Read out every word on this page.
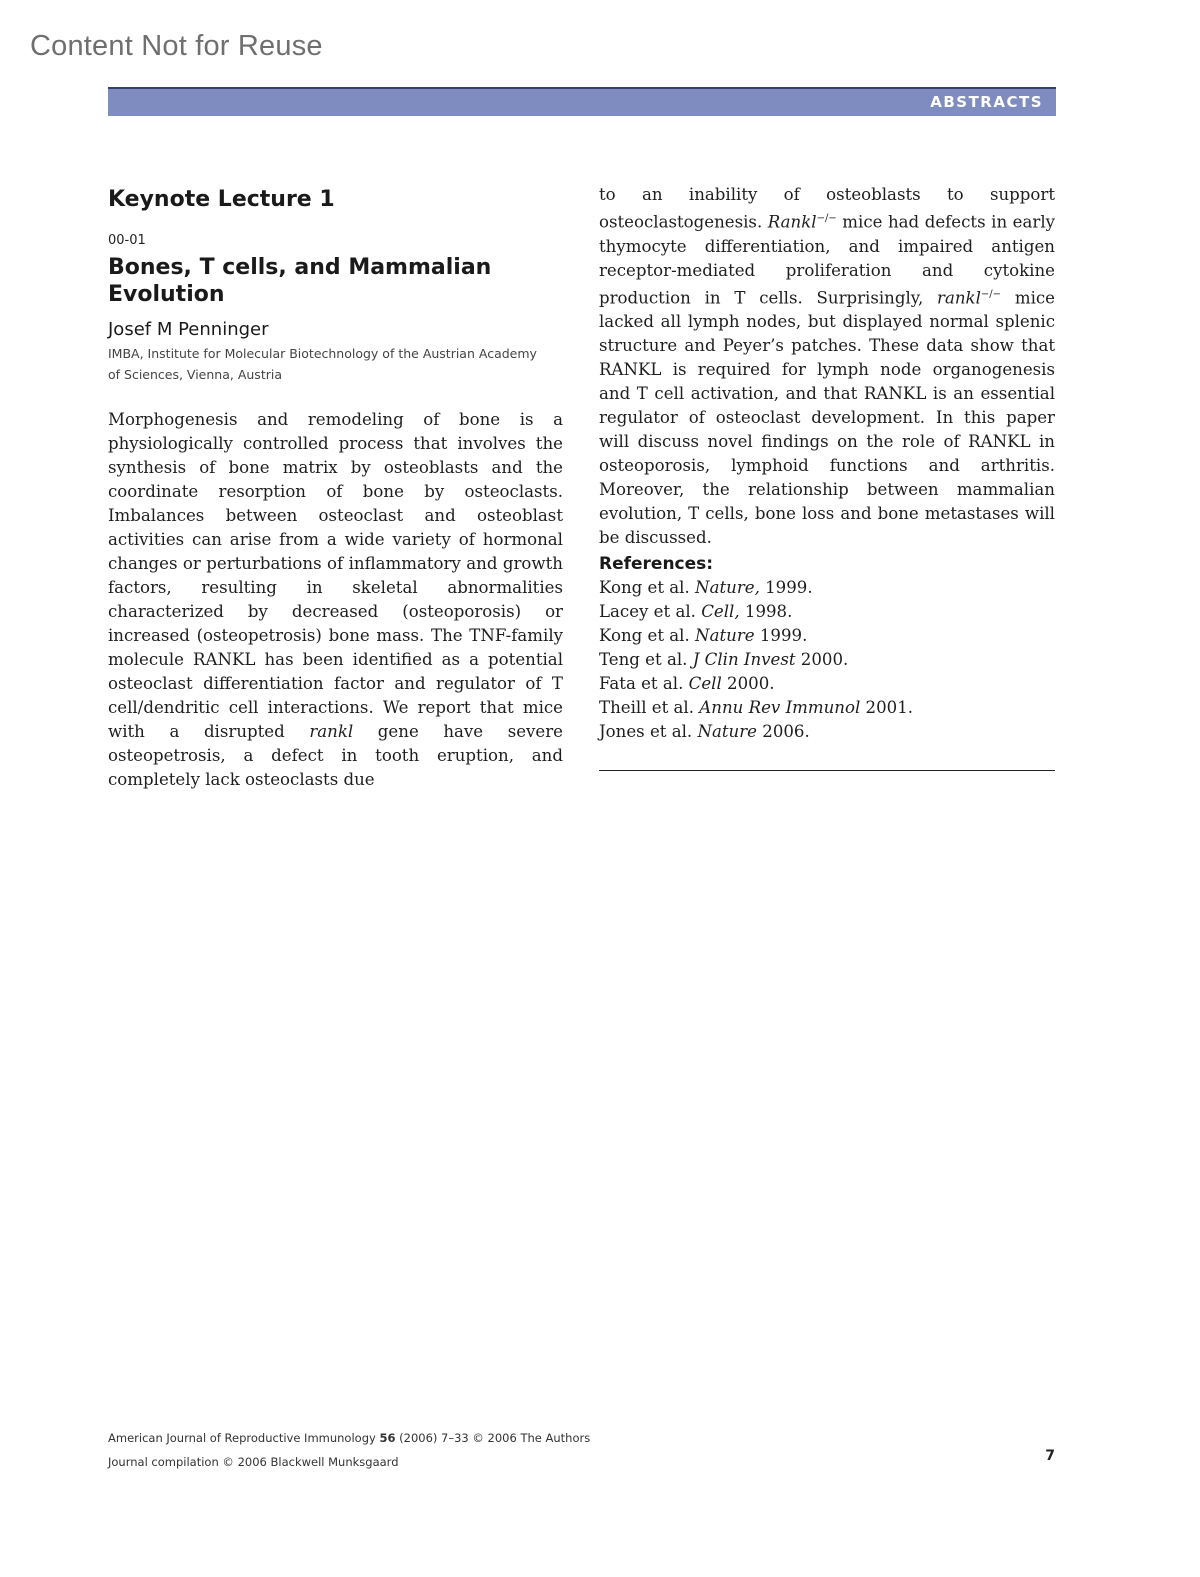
Content Not for Reuse
ABSTRACTS
Keynote Lecture 1
00-01
Bones, T cells, and Mammalian
Evolution
Josef M Penninger
IMBA, Institute for Molecular Biotechnology of the Austrian Academy
of Sciences, Vienna, Austria

Morphogenesis and remodeling of bone is a physiologically controlled process that involves the synthesis of bone matrix by osteoblasts and the coordinate resorption of bone by osteoclasts. Imbalances between osteoclast and osteoblast activities can arise from a wide variety of hormonal changes or perturbations of inflammatory and growth factors, resulting in skeletal abnormalities characterized by decreased (osteoporosis) or increased (osteopetrosis) bone mass. The TNF-family molecule RANKL has been identified as a potential osteoclast differentiation factor and regulator of T cell/dendritic cell interactions. We report that mice with a disrupted rankl gene have severe osteopetrosis, a defect in tooth eruption, and completely lack osteoclasts due

to an inability of osteoblasts to support osteoclastogenesis. Rankl−/− mice had defects in early thymocyte differentiation, and impaired antigen receptor-mediated proliferation and cytokine production in T cells. Surprisingly, rankl−/− mice lacked all lymph nodes, but displayed normal splenic structure and Peyer’s patches. These data show that RANKL is required for lymph node organogenesis and T cell activation, and that RANKL is an essential regulator of osteoclast development. In this paper will discuss novel findings on the role of RANKL in osteoporosis, lymphoid functions and arthritis. Moreover, the relationship between mammalian evolution, T cells, bone loss and bone metastases will be discussed.

References:
Kong et al. Nature, 1999.
Lacey et al. Cell, 1998.
Kong et al. Nature 1999.
Teng et al. J Clin Invest 2000.
Fata et al. Cell 2000.
Theill et al. Annu Rev Immunol 2001.
Jones et al. Nature 2006.
American Journal of Reproductive Immunology 56 (2006) 7–33 © 2006 The Authors
Journal compilation © 2006 Blackwell Munksgaard	7
